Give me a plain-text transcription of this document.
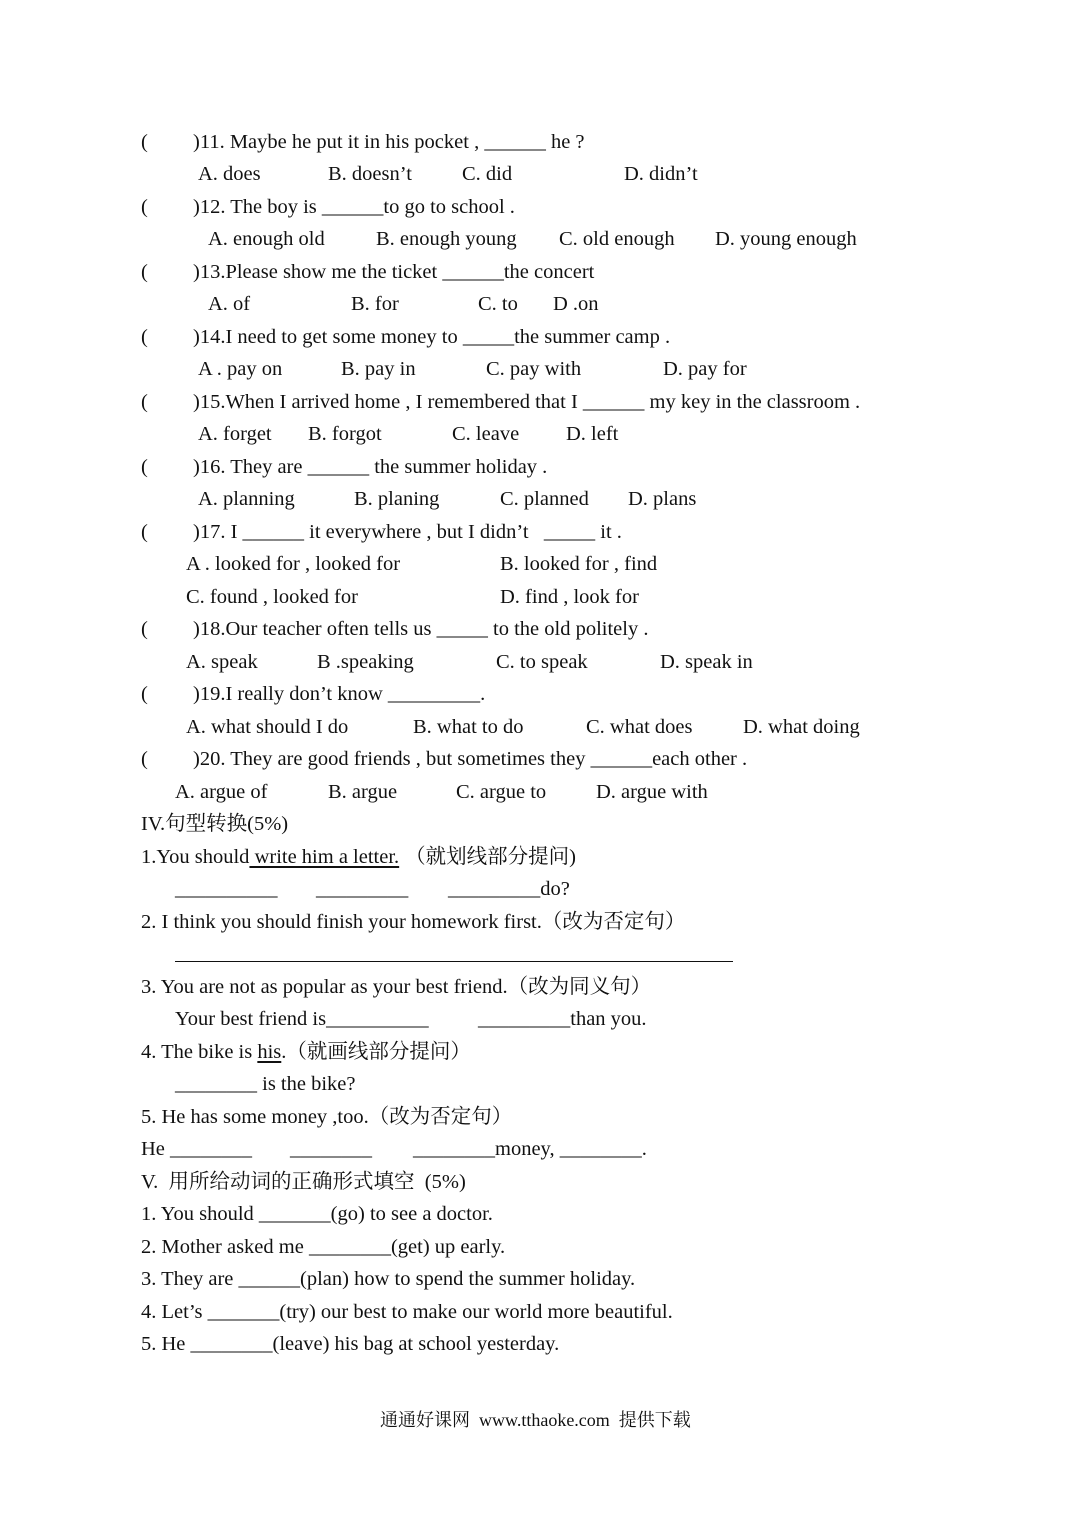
(

)11. Maybe he put it in his pocket , ______ he ?

A. does

	B. doesn’t

C. did

	D. didn’t

(

)12. The boy is ______to go to school .

A. enough old

	B. enough young

C. old enough

D. young enough

(

)13.Please show me the ticket ______the concert

A. of

	B. for

	C. to

D .on

(

)14.I need to get some money to _____the summer camp .

A . pay on

	B. pay in

	C. pay with

	D. pay for

(

)15.When I arrived home , I remembered that I ______ my key in the classroom .

A. forget

B. forgot

	C. leave

D. left

(

)16. They are ______ the summer holiday .

A. planning

	B. planing

	C. planned

D. plans

(

)17. I ______ it everywhere , but I didn’t   _____ it .

A . looked for , looked for

	B. looked for , find

C. found , looked for

	D. find , look for

(

)18.Our teacher often tells us _____ to the old politely .

A. speak

	B .speaking

	C. to speak

	D. speak in

(

)19.I really don’t know _________.

A. what should I do

	B. what to do

	C. what does

D. what doing

(

)20. They are good friends , but sometimes they ______each other .

A. argue of

	B. argue

	C. argue to

D. argue with

IV.句型转换(5%)

1.You should write him a letter. （就划线部分提问)

__________

_________

_________do?

2. I think you should finish your homework first.（改为否定句）

3. You are not as popular as your best friend.（改为同义句）

Your best friend is__________

_________than you.

4. The bike is his.（就画线部分提问）

________ is the bike?

5. He has some money ,too.（改为否定句）

He ________

________

________money, ________.

V.  用所给动词的正确形式填空  (5%)

1. You should _______(go) to see a doctor.

2. Mother asked me ________(get) up early.

3. They are ______(plan) how to spend the summer holiday.

4. Let’s _______(try) our best to make our world more beautiful.

5. He ________(leave) his bag at school yesterday.

通通好课网  www.tthaoke.com  提供下载
